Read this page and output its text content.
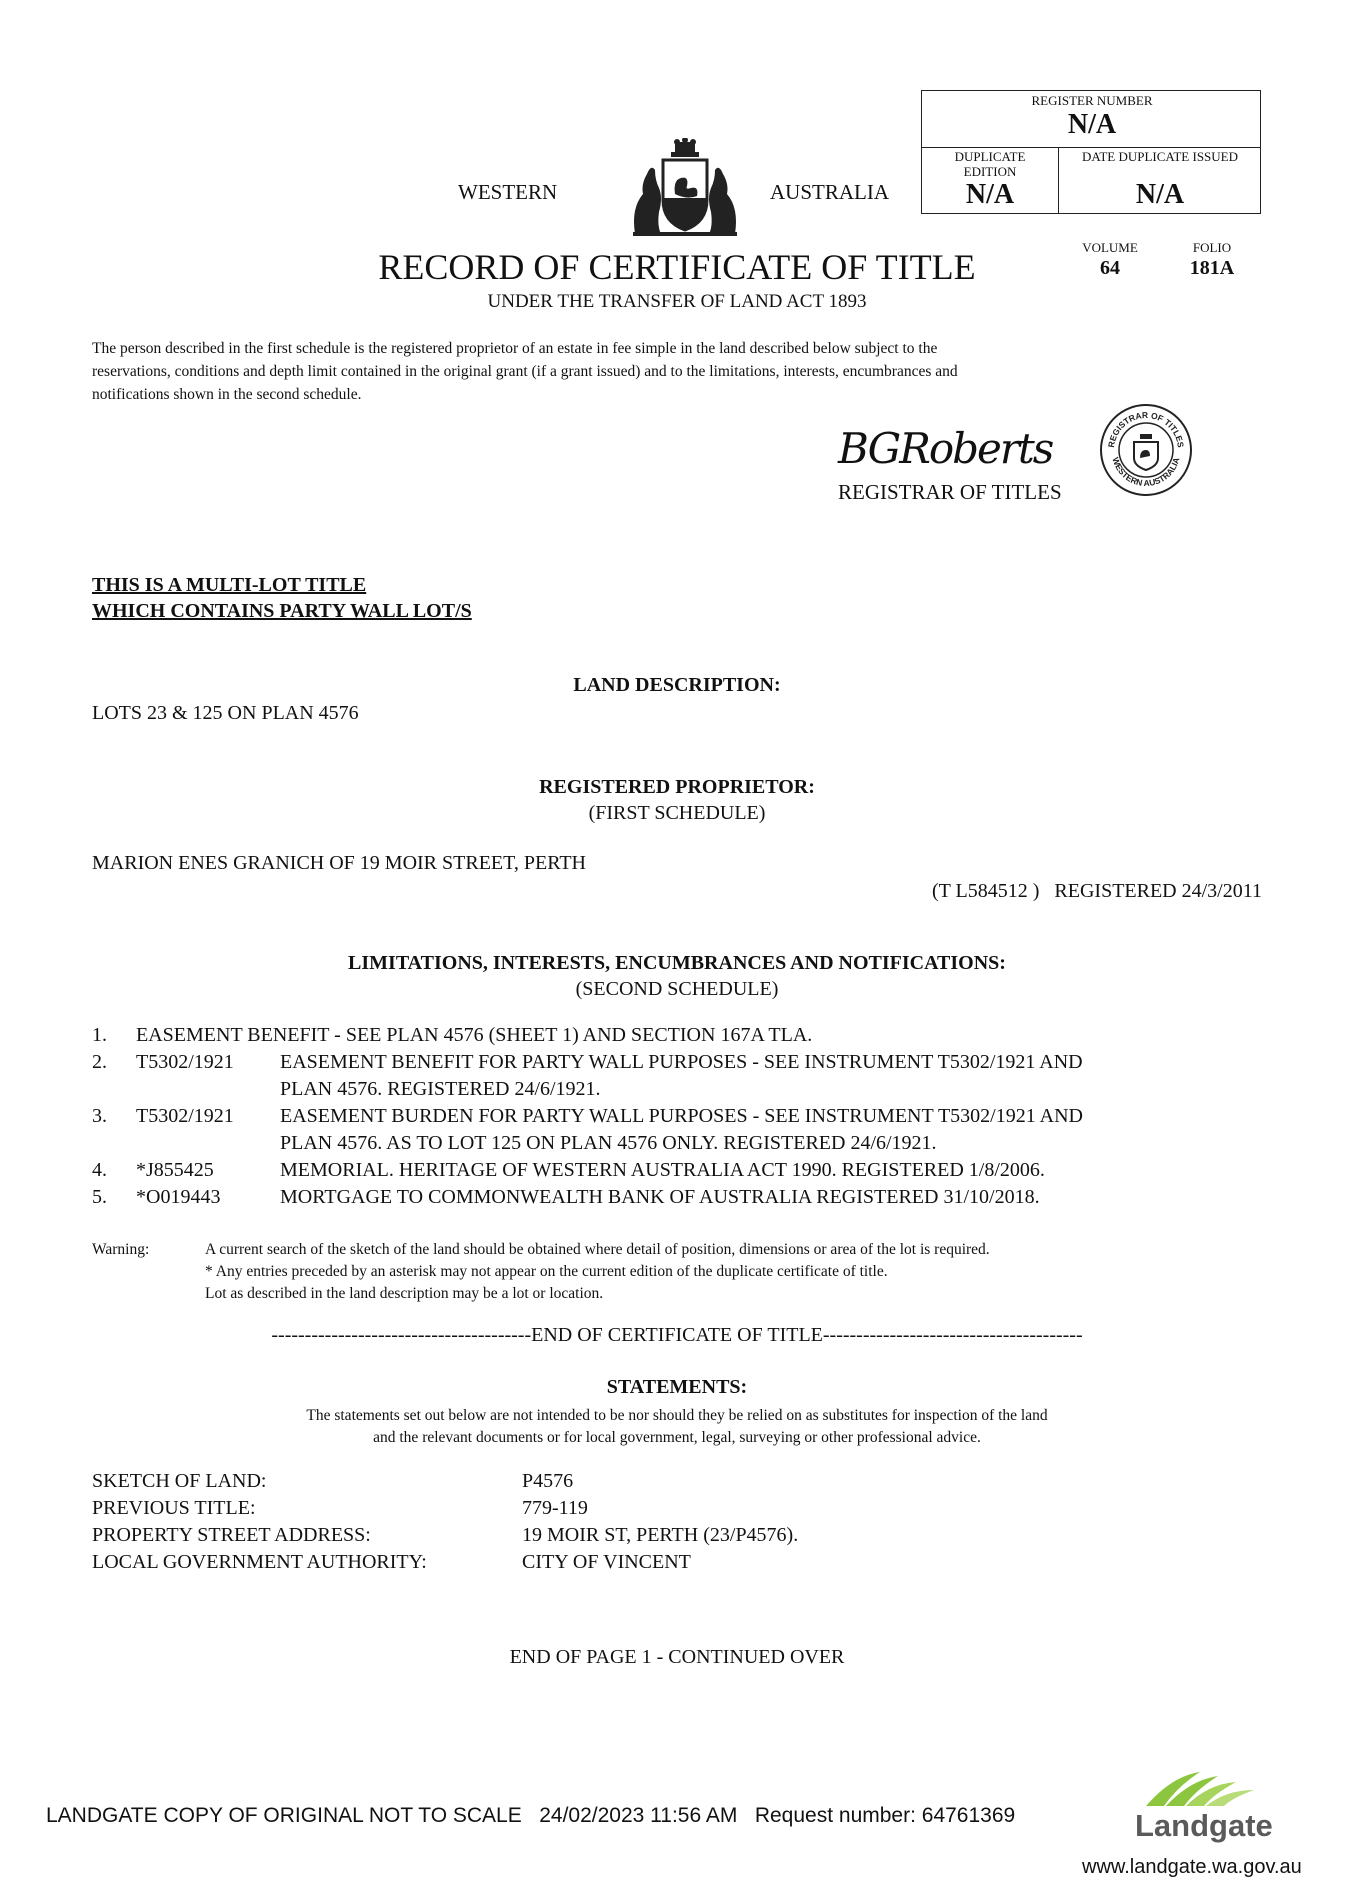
REGISTER NUMBER
N/A
DUPLICATE EDITION
N/A
DATE DUPLICATE ISSUED
N/A
VOLUME
64
FOLIO
181A
WESTERN	AUSTRALIA
RECORD OF CERTIFICATE OF TITLE
UNDER THE TRANSFER OF LAND ACT 1893
The person described in the first schedule is the registered proprietor of an estate in fee simple in the land described below subject to the
reservations, conditions and depth limit contained in the original grant (if a grant issued) and to the limitations, interests, encumbrances and
notifications shown in the second schedule.
BGRoberts
REGISTRAR OF TITLES
REGISTRAR OF TITLES
WESTERN AUSTRALIA
THIS IS A MULTI-LOT TITLE
WHICH CONTAINS PARTY WALL LOT/S
LAND DESCRIPTION:
LOTS 23 & 125 ON PLAN 4576
REGISTERED PROPRIETOR:
(FIRST SCHEDULE)
MARION ENES GRANICH OF 19 MOIR STREET, PERTH
(T L584512 )   REGISTERED 24/3/2011
LIMITATIONS, INTERESTS, ENCUMBRANCES AND NOTIFICATIONS:
(SECOND SCHEDULE)
1. EASEMENT BENEFIT - SEE PLAN 4576 (SHEET 1) AND SECTION 167A TLA.
2. T5302/1921 EASEMENT BENEFIT FOR PARTY WALL PURPOSES - SEE INSTRUMENT T5302/1921 AND
PLAN 4576. REGISTERED 24/6/1921.
3. T5302/1921 EASEMENT BURDEN FOR PARTY WALL PURPOSES - SEE INSTRUMENT T5302/1921 AND
PLAN 4576. AS TO LOT 125 ON PLAN 4576 ONLY. REGISTERED 24/6/1921.
4. *J855425	MEMORIAL. HERITAGE OF WESTERN AUSTRALIA ACT 1990. REGISTERED 1/8/2006.
5. *O019443	MORTGAGE TO COMMONWEALTH BANK OF AUSTRALIA REGISTERED 31/10/2018.
Warning:	A current search of the sketch of the land should be obtained where detail of position, dimensions or area of the lot is required.
* Any entries preceded by an asterisk may not appear on the current edition of the duplicate certificate of title.
Lot as described in the land description may be a lot or location.
---------------------------------------END OF CERTIFICATE OF TITLE---------------------------------------
STATEMENTS:
The statements set out below are not intended to be nor should they be relied on as substitutes for inspection of the land
and the relevant documents or for local government, legal, surveying or other professional advice.
SKETCH OF LAND:	P4576
PREVIOUS TITLE:	779-119
PROPERTY STREET ADDRESS:	19 MOIR ST, PERTH (23/P4576).
LOCAL GOVERNMENT AUTHORITY:	CITY OF VINCENT
END OF PAGE 1 - CONTINUED OVER
LANDGATE COPY OF ORIGINAL NOT TO SCALE   24/02/2023 11:56 AM   Request number: 64761369	Landgate
www.landgate.wa.gov.au
